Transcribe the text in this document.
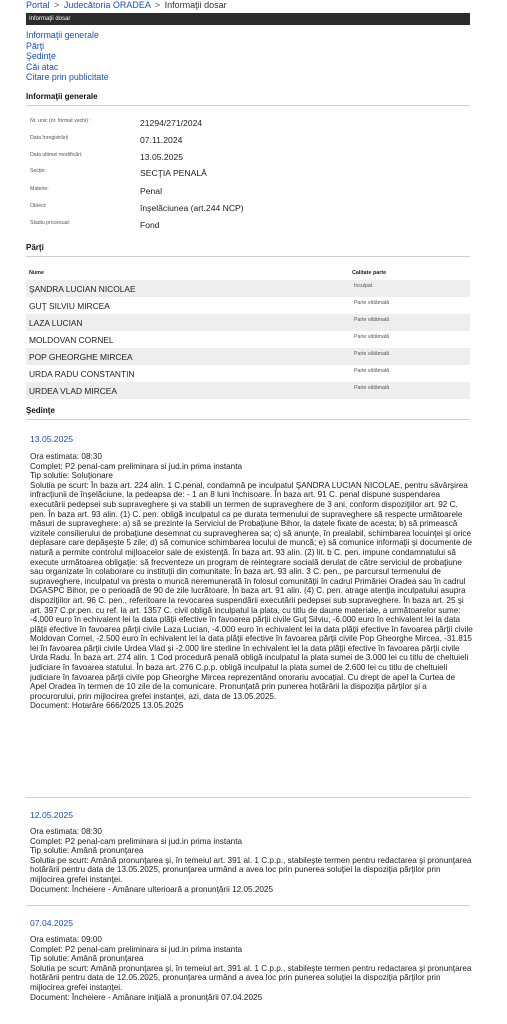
Portal > Judecătoria ORADEA > Informaţii dosar
Informaţii dosar
Informaţii generale
Părţi
Şedinţe
Căi atac
Citare prin publicitate
Informaţii generale
Nr. unic (nr. format vechi) :	21294/271/2024
Data înregistrării	07.11.2024
Data ultimei modificări:	13.05.2025
Secţie:	SECŢIA PENALĂ
Materie:	Penal
Obiect:	înşelăciunea (art.244 NCP)
Stadiu procesual:	Fond
Părţi
Nume	Calitate parte
ŞANDRA LUCIAN NICOLAE	Inculpat
GUŢ SILVIU MIRCEA	Parte vătămată
LAZA LUCIAN	Parte vătămată
MOLDOVAN CORNEL	Parte vătămată
POP GHEORGHE MIRCEA	Parte vătămată
URDA RADU CONSTANTIN	Parte vătămată
URDEA VLAD MIRCEA	Parte vătămată
Şedinţe
13.05.2025
Ora estimata: 08:30
Complet: P2 penal-cam preliminara si jud.in prima instanta
Tip solutie: Soluţionare
Solutia pe scurt: În baza art. 224 alin. 1 C.penal, condamnă pe inculpatul ŞANDRA LUCIAN NICOLAE, pentru săvârşirea infracţiunii de înşelăciune, la pedeapsa de: - 1 an 8 luni închisoare. În baza art. 91 C. penal dispune suspendarea executării pedepsei sub supraveghere şi va stabili un termen de supraveghere de 3 ani, conform dispoziţiilor art. 92 C. pen. În baza art. 93 alin. (1) C. pen. obligă inculpatul ca pe durata termenului de supraveghere să respecte următoarele măsuri de supraveghere: a) să se prezinte la Serviciul de Probaţiune Bihor, la datele fixate de acesta; b) să primească vizitele consilierului de probaţiune desemnat cu supravegherea sa; c) să anunţe, în prealabil, schimbarea locuinţei şi orice deplasare care depăşeşte 5 zile; d) să comunice schimbarea locului de muncă; e) să comunice informaţii şi documente de natură a permite controlul mijloacelor sale de existenţă. În baza art. 93 alin. (2) lit. b C. pen. impune condamnatului să execute următoarea obligaţie: să frecventeze un program de reintegrare socială derulat de către serviciul de probaţiune sau organizate în colaborare cu instituţii din comunitate. În baza art. 93 alin. 3 C. pen., pe parcursul termenului de supraveghere, inculpatul va presta o muncă neremunerată în folosul comunităţii în cadrul Primăriei Oradea sau în cadrul DGASPC Bihor, pe o perioadă de 90 de zile lucrătoare. În baza art. 91 alin. (4) C. pen. atrage atenţia inculpatului asupra dispoziţiilor art. 96 C. pen., referitoare la revocarea suspendării executării pedepsei sub supraveghere. În baza art. 25 şi art. 397 C.pr.pen. cu ref. la art. 1357 C. civil obligă inculpatul la plata, cu titlu de daune materiale, a următoarelor sume: -4.000 euro în echivalent lei la data plăţii efective în favoarea părţii civile Guţ Silviu, -6.000 euro în echivalent lei la data plăţii efective în favoarea părţii civile Laza Lucian, -4.000 euro în echivalent lei la data plăţii efective în favoarea părţii civile Moldovan Cornel, -2.500 euro în echivalent lei la data plăţii efective în favoarea părţii civile Pop Gheorghe Mircea, -31.815 lei în favoarea părţii civile Urdea Vlad şi -2.000 lire sterline în echivalent lei la data plăţii efective în favoarea părţii civile Urda Radu. În baza art. 274 alin. 1 Cod procedură penală obligă inculpatul la plata sumei de 3.000 lei cu titlu de cheltuieli judiciare în favoarea statului. În baza art. 276 C.p.p. obligă inculpatul la plata sumei de 2.600 lei cu titlu de cheltuieli judiciare în favoarea părţii civile pop Gheorghe Mircea reprezentând onorariu avocaţial. Cu drept de apel la Curtea de Apel Oradea în termen de 10 zile de la comunicare. Pronunţată prin punerea hotărârii la dispoziţia părţilor şi a procurorului, prin mijlocirea grefei instanţei, azi, data de 13.05.2025.
Document: Hotarâre 666/2025 13.05.2025
12.05.2025
Ora estimata: 08:30
Complet: P2 penal-cam preliminara si jud.in prima instanta
Tip solutie: Amână pronunţarea
Solutia pe scurt: Amână pronunţarea şi, în temeiul art. 391 al. 1 C.p.p., stabileşte termen pentru redactarea şi pronunţarea hotărârii pentru data de 13.05.2025, pronunţarea urmând a avea loc prin punerea soluţiei la dispoziţia părţilor prin mijlocirea grefei instanţei.
Document: Încheiere - Amânare ulterioară a pronunţării 12.05.2025
07.04.2025
Ora estimata: 09:00
Complet: P2 penal-cam preliminara si jud.in prima instanta
Tip solutie: Amână pronunţarea
Solutia pe scurt: Amână pronunţarea şi, în temeiul art. 391 al. 1 C.p.p., stabileşte termen pentru redactarea şi pronunţarea hotărârii pentru data de 12.05.2025, pronunţarea urmând a avea loc prin punerea soluţiei la dispoziţia părţilor prin mijlocirea grefei instanţei.
Document: Încheiere - Amânare iniţială a pronunţării 07.04.2025
